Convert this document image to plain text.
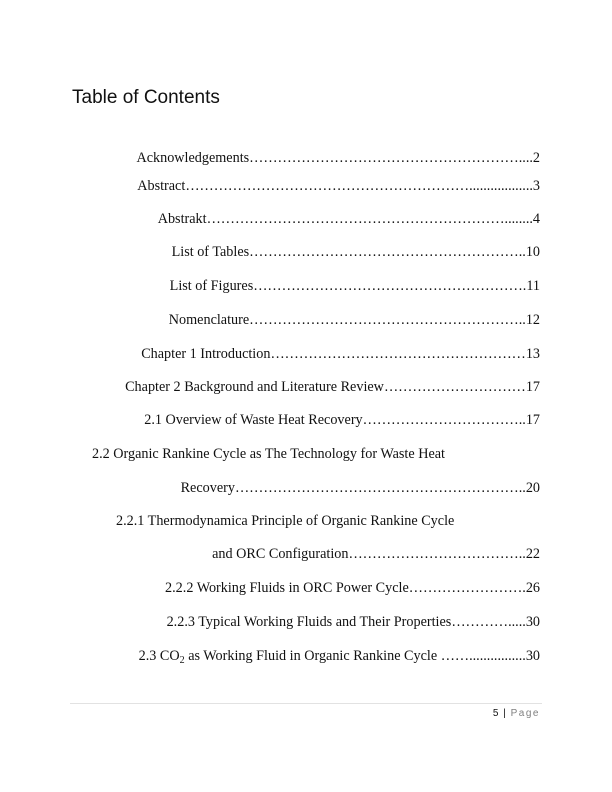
Table of Contents
Acknowledgements…………………………………………………....2
Abstract……………………………………………………..................3
Abstrakt………………………………………………………........4
List of Tables…………………………………………………..10
List of Figures………………………………………………….11
Nomenclature…………………………………………………..12
Chapter 1 Introduction………………………………………………13
Chapter 2 Background and Literature Review…………………………17
2.1 Overview of Waste Heat Recovery……………………………..17
2.2 Organic Rankine Cycle as The Technology for Waste Heat
Recovery……………………………………………………..20
2.2.1 Thermodynamica Principle of Organic Rankine Cycle
and ORC Configuration………………………………..22
2.2.2 Working Fluids in ORC Power Cycle…………………….26
2.2.3 Typical Working Fluids and Their Properties………….....30
2.3 $CO_2$ as Working Fluid in Organic Rankine Cycle ……................30
5 | Page
